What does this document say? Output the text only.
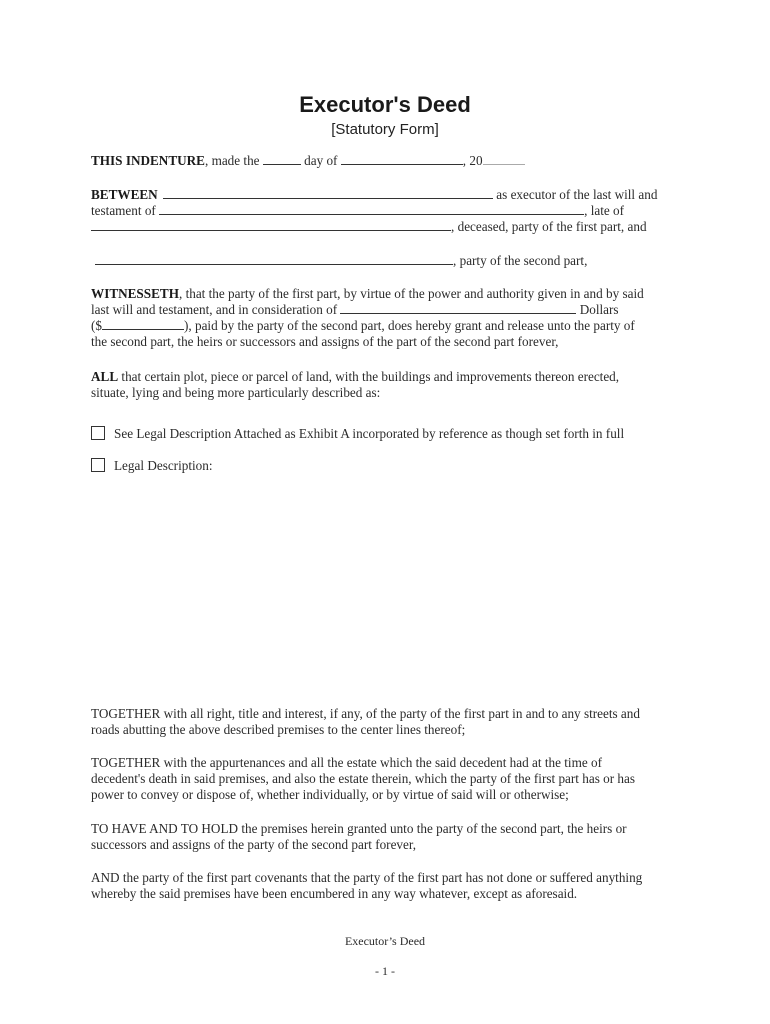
Executor's Deed
[Statutory Form]
THIS INDENTURE, made the	day of	, 20
BETWEEN	as executor of the last will and
testament of	, late of
, deceased, party of the first part, and
, party of the second part,
WITNESSETH, that the party of the first part, by virtue of the power and authority given in and by said
last will and testament, and in consideration of	Dollars
($	), paid by the party of the second part, does hereby grant and release unto the party of
the second part, the heirs or successors and assigns of the part of the second part forever,
ALL that certain plot, piece or parcel of land, with the buildings and improvements thereon erected,
situate, lying and being more particularly described as:
See Legal Description Attached as Exhibit A incorporated by reference as though set forth in full
Legal Description:
TOGETHER with all right, title and interest, if any, of the party of the first part in and to any streets and
roads abutting the above described premises to the center lines thereof;
TOGETHER with the appurtenances and all the estate which the said decedent had at the time of
decedent's death in said premises, and also the estate therein, which the party of the first part has or has
power to convey or dispose of, whether individually, or by virtue of said will or otherwise;
TO HAVE AND TO HOLD the premises herein granted unto the party of the second part, the heirs or
successors and assigns of the party of the second part forever,
AND the party of the first part covenants that the party of the first part has not done or suffered anything
whereby the said premises have been encumbered in any way whatever, except as aforesaid.
Executor’s Deed
- 1 -
